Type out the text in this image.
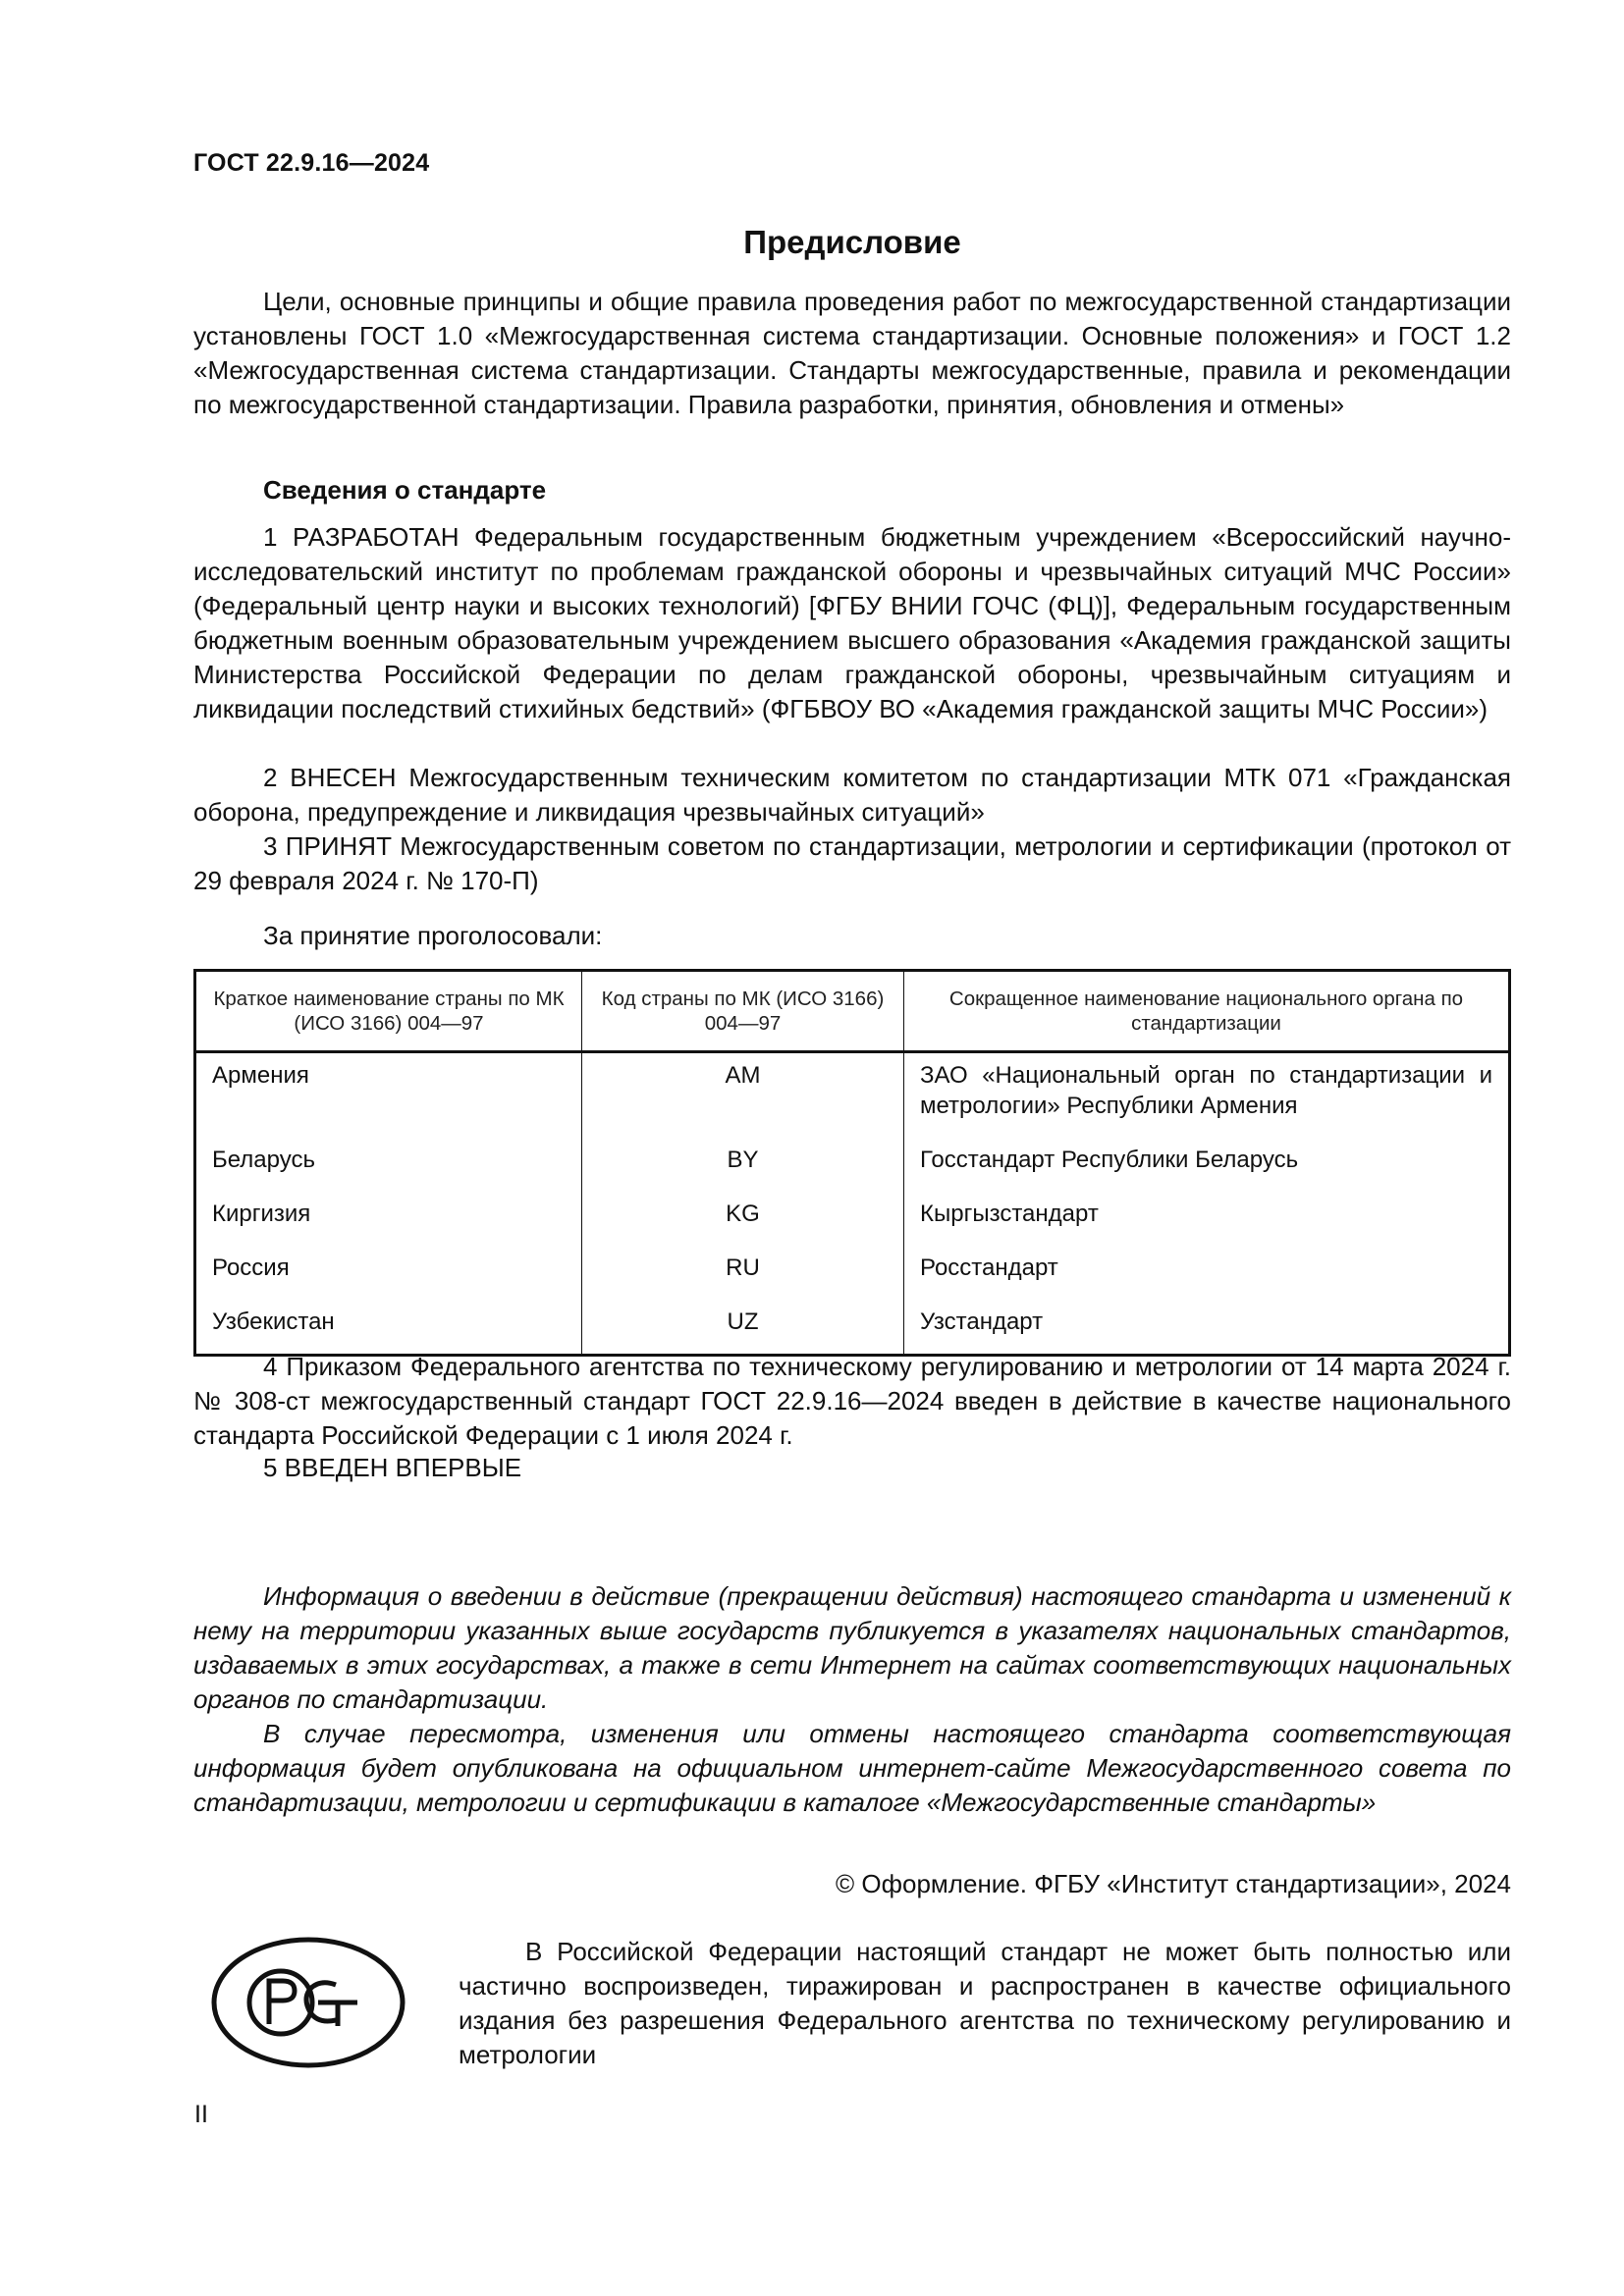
ГОСТ 22.9.16—2024
Предисловие

Цели, основные принципы и общие правила проведения работ по межгосударственной стандартизации установлены ГОСТ 1.0 «Межгосударственная система стандартизации. Основные положения» и ГОСТ 1.2 «Межгосударственная система стандартизации. Стандарты межгосударственные, правила и рекомендации по межгосударственной стандартизации. Правила разработки, принятия, обновления и отмены»

Сведения о стандарте

1 РАЗРАБОТАН Федеральным государственным бюджетным учреждением «Всероссийский научно-исследовательский институт по проблемам гражданской обороны и чрезвычайных ситуаций МЧС России» (Федеральный центр науки и высоких технологий) [ФГБУ ВНИИ ГОЧС (ФЦ)], Федеральным государственным бюджетным военным образовательным учреждением высшего образования «Академия гражданской защиты Министерства Российской Федерации по делам гражданской обороны, чрезвычайным ситуациям и ликвидации последствий стихийных бедствий» (ФГБВОУ ВО «Академия гражданской защиты МЧС России»)

2 ВНЕСЕН Межгосударственным техническим комитетом по стандартизации МТК 071 «Гражданская оборона, предупреждение и ликвидация чрезвычайных ситуаций»

3 ПРИНЯТ Межгосударственным советом по стандартизации, метрологии и сертификации (протокол от 29 февраля 2024 г. № 170-П)

За принятие проголосовали:
Краткое наименование страны по МК (ИСО 3166) 004—97	Код страны по МК (ИСО 3166) 004—97	Сокращенное наименование национального органа по стандартизации
Армения	AM	ЗАО «Национальный орган по стандартизации и метрологии» Республики Армения
Беларусь	BY	Госстандарт Республики Беларусь
Киргизия	KG	Кыргызстандарт
Россия	RU	Росстандарт
Узбекистан	UZ	Узстандарт

4 Приказом Федерального агентства по техническому регулированию и метрологии от 14 марта 2024 г. № 308-ст межгосударственный стандарт ГОСТ 22.9.16—2024 введен в действие в качестве национального стандарта Российской Федерации с 1 июля 2024 г.

5 ВВЕДЕН ВПЕРВЫЕ

Информация о введении в действие (прекращении действия) настоящего стандарта и изменений к нему на территории указанных выше государств публикуется в указателях национальных стандартов, издаваемых в этих государствах, а также в сети Интернет на сайтах соответствующих национальных органов по стандартизации.

В случае пересмотра, изменения или отмены настоящего стандарта соответствующая информация будет опубликована на официальном интернет-сайте Межгосударственного совета по стандартизации, метрологии и сертификации в каталоге «Межгосударственные стандарты»

© Оформление. ФГБУ «Институт стандартизации», 2024

В Российской Федерации настоящий стандарт не может быть полностью или частично воспроизведен, тиражирован и распространен в качестве официального издания без разрешения Федерального агентства по техническому регулированию и метрологии

II
